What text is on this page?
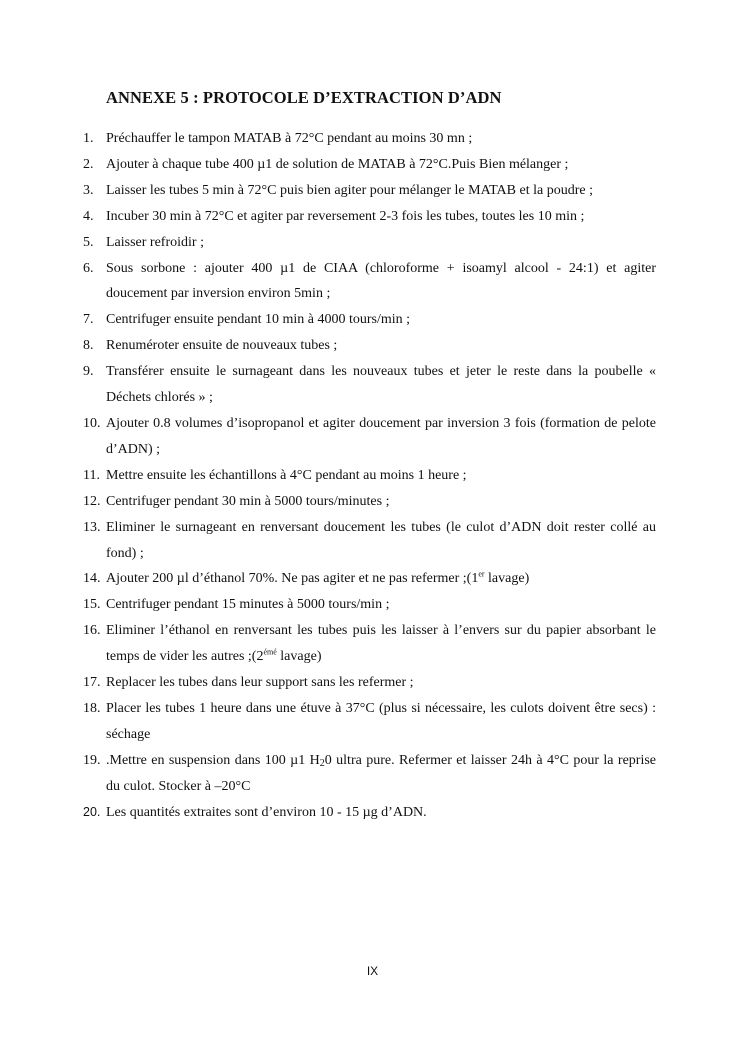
ANNEXE 5 : PROTOCOLE D’EXTRACTION D’ADN
1. Préchauffer le tampon MATAB à 72°C pendant au moins 30 mn ;
2. Ajouter à chaque tube 400 µ1 de solution de MATAB à 72°C.Puis Bien mélanger ;
3. Laisser les tubes 5 min à 72°C puis bien agiter pour mélanger le MATAB et la poudre ;
4. Incuber 30 min à 72°C et agiter par reversement 2-3 fois les tubes, toutes les 10 min ;
5. Laisser refroidir ;
6. Sous sorbone : ajouter 400 µ1 de CIAA (chloroforme + isoamyl alcool - 24:1) et agiter doucement par inversion environ 5min ;
7. Centrifuger ensuite pendant 10 min à 4000 tours/min ;
8. Renuméroter ensuite de nouveaux tubes ;
9. Transférer ensuite le surnageant dans les nouveaux tubes et jeter le reste dans la poubelle « Déchets chlorés » ;
10. Ajouter 0.8 volumes d’isopropanol et agiter doucement par inversion 3 fois (formation de pelote d’ADN) ;
11. Mettre ensuite les échantillons à 4°C pendant au moins 1 heure ;
12. Centrifuger pendant 30 min à 5000 tours/minutes ;
13. Eliminer le surnageant en renversant doucement les tubes (le culot d’ADN doit rester collé au fond) ;
14. Ajouter 200 µl d’éthanol 70%. Ne pas agiter et ne pas refermer ;(1er lavage)
15. Centrifuger pendant 15 minutes à 5000 tours/min ;
16. Eliminer l’éthanol en renversant les tubes puis les laisser à l’envers sur du papier absorbant le temps de vider les autres $;(2^{émé}$ lavage)
17. Replacer les tubes dans leur support sans les refermer ;
18. Placer les tubes 1 heure dans une étuve à 37°C (plus si nécessaire, les culots doivent être secs) : séchage
19. .Mettre en suspension dans 100 µ1 $H_20$ ultra pure. Refermer et laisser 24h à 4°C pour la reprise du culot. Stocker à –20°C
20. Les quantités extraites sont d’environ 10 - 15 µg d’ADN.
IX
